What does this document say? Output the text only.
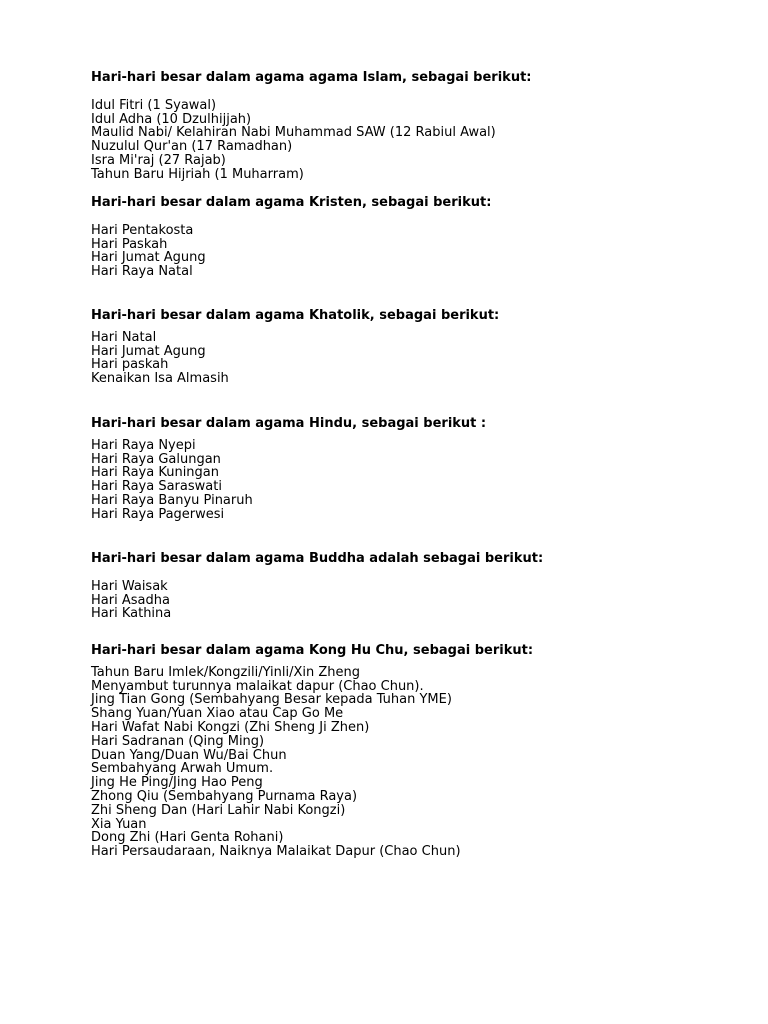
Hari-hari besar dalam agama agama Islam, sebagai berikut:
Idul Fitri (1 Syawal)
Idul Adha (10 Dzulhijjah)
Maulid Nabi/ Kelahiran Nabi Muhammad SAW (12 Rabiul Awal)
Nuzulul Qur'an (17 Ramadhan)
Isra Mi'raj (27 Rajab)
Tahun Baru Hijriah (1 Muharram)
Hari-hari besar dalam agama Kristen, sebagai berikut:
Hari Pentakosta
Hari Paskah
Hari Jumat Agung
Hari Raya Natal
Hari-hari besar dalam agama Khatolik, sebagai berikut:
Hari Natal
Hari Jumat Agung
Hari paskah
Kenaikan Isa Almasih
Hari-hari besar dalam agama Hindu, sebagai berikut :
Hari Raya Nyepi
Hari Raya Galungan
Hari Raya Kuningan
Hari Raya Saraswati
Hari Raya Banyu Pinaruh
Hari Raya Pagerwesi
Hari-hari besar dalam agama Buddha adalah sebagai berikut:
Hari Waisak
Hari Asadha
Hari Kathina
Hari-hari besar dalam agama Kong Hu Chu, sebagai berikut:
Tahun Baru Imlek/Kongzili/Yinli/Xin Zheng
Menyambut turunnya malaikat dapur (Chao Chun).
Jing Tian Gong (Sembahyang Besar kepada Tuhan YME)
Shang Yuan/Yuan Xiao atau Cap Go Me
Hari Wafat Nabi Kongzi (Zhi Sheng Ji Zhen)
Hari Sadranan (Qing Ming)
Duan Yang/Duan Wu/Bai Chun
Sembahyang Arwah Umum.
Jing He Ping/Jing Hao Peng
Zhong Qiu (Sembahyang Purnama Raya)
Zhi Sheng Dan (Hari Lahir Nabi Kongzi)
Xia Yuan
Dong Zhi (Hari Genta Rohani)
Hari Persaudaraan, Naiknya Malaikat Dapur (Chao Chun)
